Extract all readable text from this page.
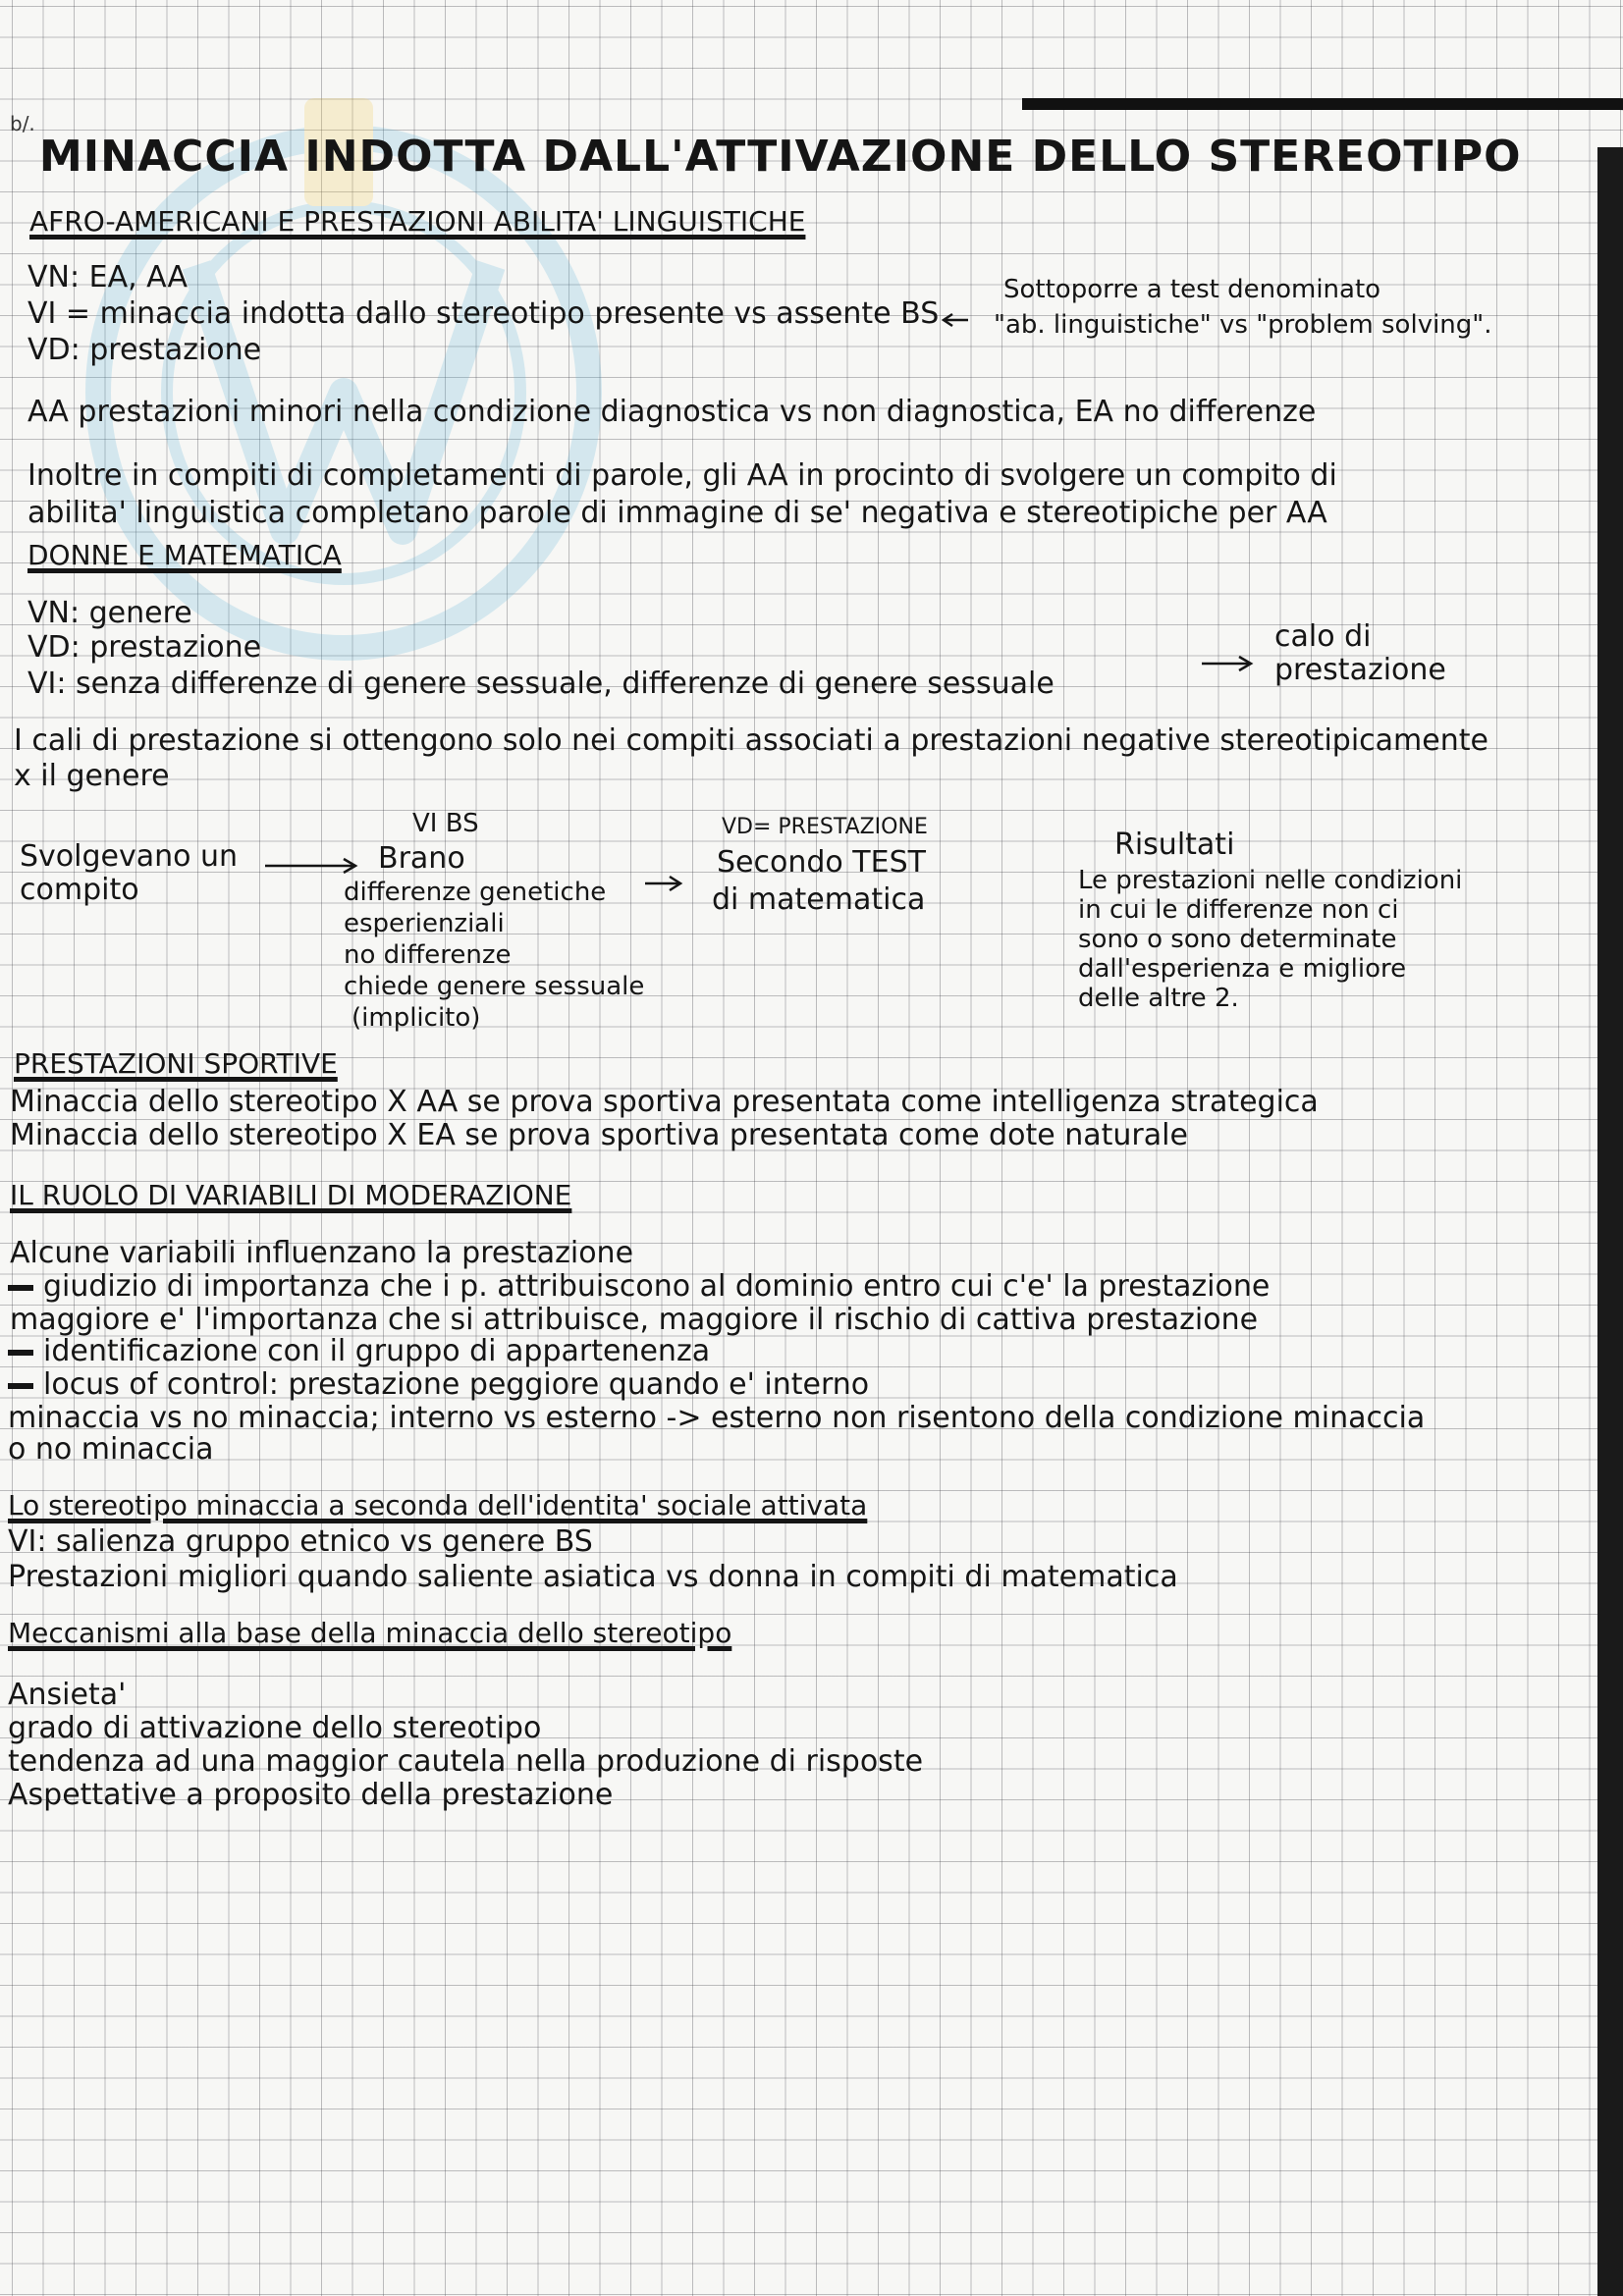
b/.
MINACCIA INDOTTA DALL'ATTIVAZIONE DELLO STEREOTIPO
AFRO-AMERICANI E PRESTAZIONI ABILITA' LINGUISTICHE
VN: EA, AA
VI = minaccia indotta dallo stereotipo presente vs assente BS
VD: prestazione
Sottoporre a test denominato
"ab. linguistiche" vs "problem solving".
AA prestazioni minori nella condizione diagnostica vs non diagnostica, EA no differenze
Inoltre in compiti di completamenti di parole, gli AA in procinto di svolgere un compito di
abilita' linguistica completano parole di immagine di se' negativa e stereotipiche per AA
DONNE E MATEMATICA
VN: genere
VD: prestazione
VI: senza differenze di genere sessuale, differenze di genere sessuale
calo di
prestazione
I cali di prestazione si ottengono solo nei compiti associati a prestazioni negative stereotipicamente
x il genere
VI BS	VD= PRESTAZIONE
Svolgevano un
compito
Brano
differenze genetiche
esperienziali
no differenze
chiede genere sessuale
(implicito)
Secondo TEST
di matematica
Risultati
Le prestazioni nelle condizioni
in cui le differenze non ci
sono o sono determinate
dall'esperienza e migliore
delle altre 2.
PRESTAZIONI SPORTIVE
Minaccia dello stereotipo X AA se prova sportiva presentata come intelligenza strategica
Minaccia dello stereotipo X EA se prova sportiva presentata come dote naturale
IL RUOLO DI VARIABILI DI MODERAZIONE
Alcune variabili influenzano la prestazione
giudizio di importanza che i p. attribuiscono al dominio entro cui c'e' la prestazione
maggiore e' l'importanza che si attribuisce, maggiore il rischio di cattiva prestazione
identificazione con il gruppo di appartenenza
locus of control: prestazione peggiore quando e' interno
minaccia vs no minaccia; interno vs esterno -> esterno non risentono della condizione minaccia
o no minaccia
Lo stereotipo minaccia a seconda dell'identita' sociale attivata
VI: salienza gruppo etnico vs genere BS
Prestazioni migliori quando saliente asiatica vs donna in compiti di matematica
Meccanismi alla base della minaccia dello stereotipo
Ansieta'
grado di attivazione dello stereotipo
tendenza ad una maggior cautela nella produzione di risposte
Aspettative a proposito della prestazione
